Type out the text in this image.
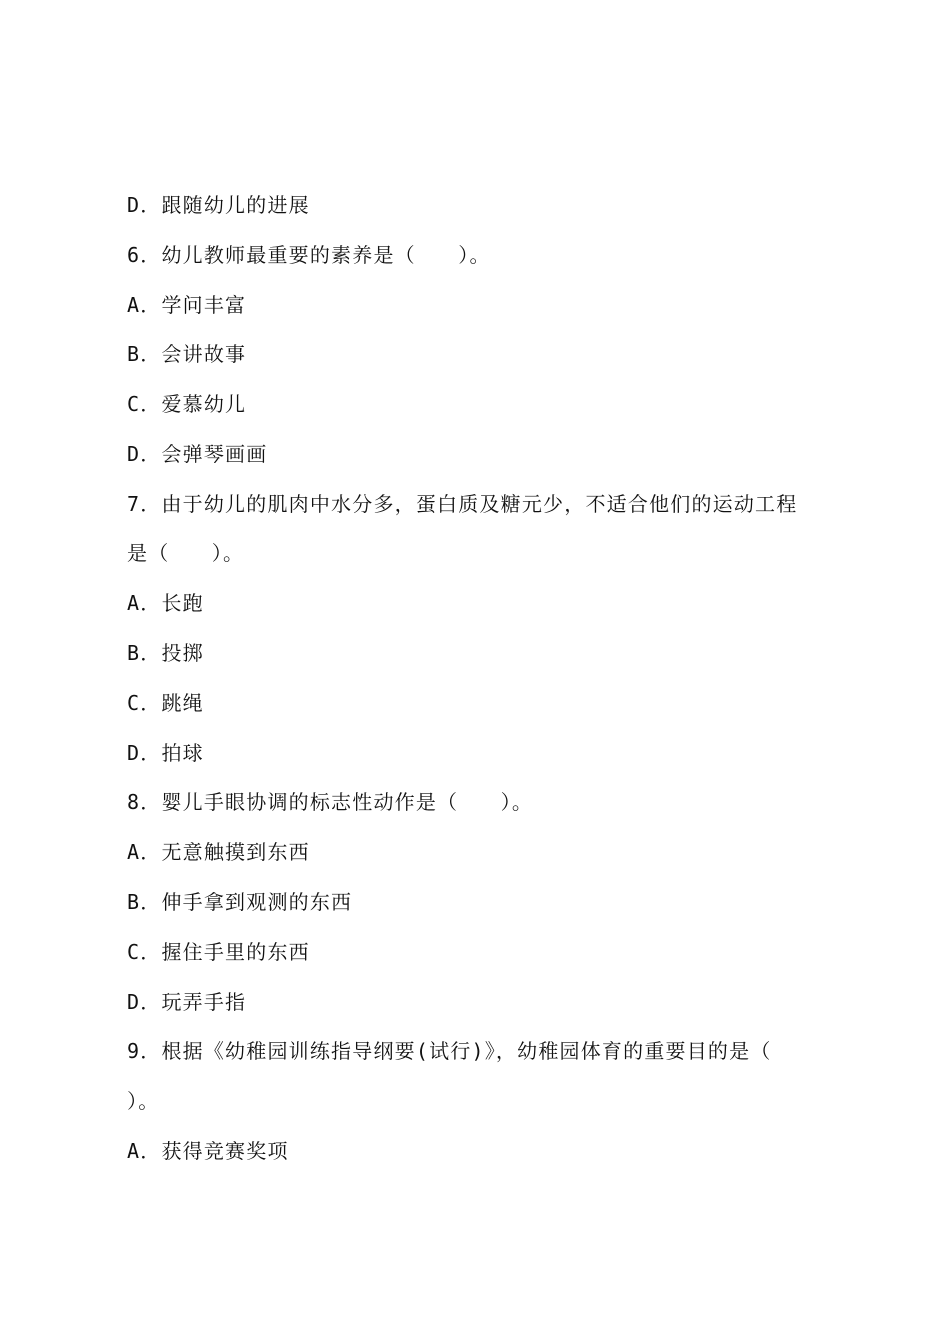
D．跟随幼儿的进展
6．幼儿教师最重要的素养是（　　）。
A．学问丰富
B．会讲故事
C．爱慕幼儿
D．会弹琴画画
7．由于幼儿的肌肉中水分多，蛋白质及糖元少，不适合他们的运动工程
是（　　）。
A．长跑
B．投掷
C．跳绳
D．拍球
8．婴儿手眼协调的标志性动作是（　　）。
A．无意触摸到东西
B．伸手拿到观测的东西
C．握住手里的东西
D．玩弄手指
9．根据《幼稚园训练指导纲要(试行)》，幼稚园体育的重要目的是（
）。
A．获得竞赛奖项
